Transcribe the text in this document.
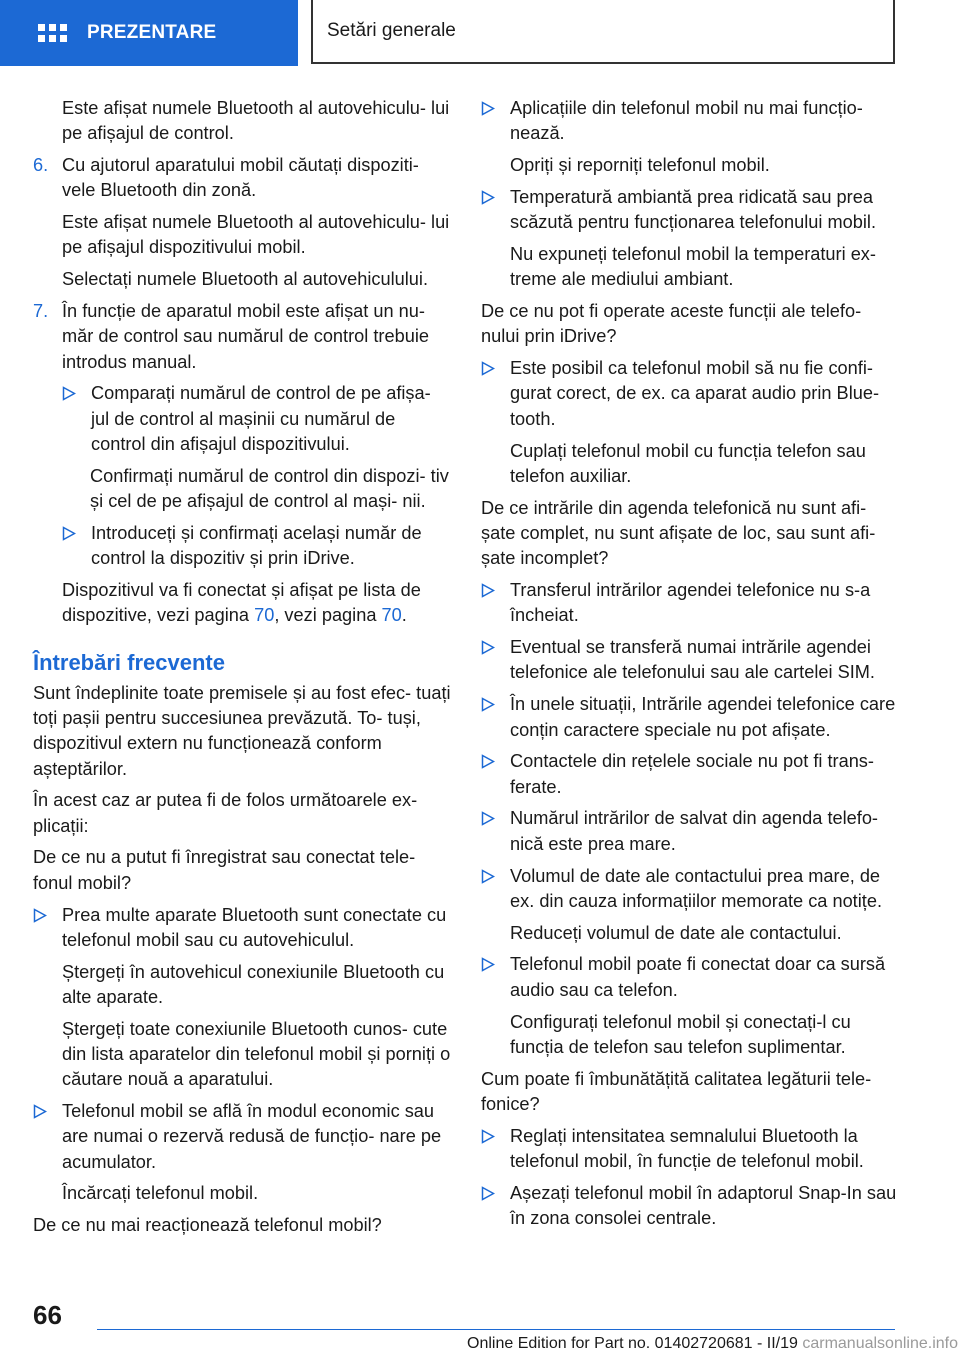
PREZENTARE	Setări generale
Este afișat numele Bluetooth al autovehiculu‐ lui pe afișajul de control.
6. Cu ajutorul aparatului mobil căutați dispoziti‐ vele Bluetooth din zonă.
Este afișat numele Bluetooth al autovehiculu‐ lui pe afișajul dispozitivului mobil.
Selectați numele Bluetooth al autovehiculului.
7. În funcție de aparatul mobil este afișat un nu‐ măr de control sau numărul de control trebuie introdus manual.
Comparați numărul de control de pe afișa‐ jul de control al mașinii cu numărul de control din afișajul dispozitivului.
Confirmați numărul de control din dispozi‐ tiv și cel de pe afișajul de control al mași‐ nii.
Introduceți și confirmați același număr de control la dispozitiv și prin iDrive.
Dispozitivul va fi conectat și afișat pe lista de dispozitive, vezi pagina 70, vezi pagina 70.
Întrebări frecvente
Sunt îndeplinite toate premisele și au fost efec‐ tuați toți pașii pentru succesiunea prevăzută. To‐ tuși, dispozitivul extern nu funcționează conform așteptărilor.
În acest caz ar putea fi de folos următoarele ex‐ plicații:
De ce nu a putut fi înregistrat sau conectat tele‐ fonul mobil?
Prea multe aparate Bluetooth sunt conectate cu telefonul mobil sau cu autovehiculul.
Ștergeți în autovehicul conexiunile Bluetooth cu alte aparate.
Ștergeți toate conexiunile Bluetooth cunos‐ cute din lista aparatelor din telefonul mobil și porniți o căutare nouă a aparatului.
Telefonul mobil se află în modul economic sau are numai o rezervă redusă de funcțio‐ nare pe acumulator.
Încărcați telefonul mobil.
De ce nu mai reacționează telefonul mobil?
Aplicațiile din telefonul mobil nu mai funcțio‐ nează.
Opriți și reporniți telefonul mobil.
Temperatură ambiantă prea ridicată sau prea scăzută pentru funcționarea telefonului mobil.
Nu expuneți telefonul mobil la temperaturi ex‐ treme ale mediului ambiant.
De ce nu pot fi operate aceste funcții ale telefo‐ nului prin iDrive?
Este posibil ca telefonul mobil să nu fie confi‐ gurat corect, de ex. ca aparat audio prin Blue‐ tooth.
Cuplați telefonul mobil cu funcția telefon sau telefon auxiliar.
De ce intrările din agenda telefonică nu sunt afi‐ șate complet, nu sunt afișate de loc, sau sunt afi‐ șate incomplet?
Transferul intrărilor agendei telefonice nu s-a încheiat.
Eventual se transferă numai intrările agendei telefonice ale telefonului sau ale cartelei SIM.
În unele situații, Intrările agendei telefonice care conțin caractere speciale nu pot afișate.
Contactele din rețelele sociale nu pot fi trans‐ ferate.
Numărul intrărilor de salvat din agenda telefo‐ nică este prea mare.
Volumul de date ale contactului prea mare, de ex. din cauza informațiilor memorate ca notițe.
Reduceți volumul de date ale contactului.
Telefonul mobil poate fi conectat doar ca sursă audio sau ca telefon.
Configurați telefonul mobil și conectați-l cu funcția de telefon sau telefon suplimentar.
Cum poate fi îmbunătățită calitatea legăturii tele‐ fonice?
Reglați intensitatea semnalului Bluetooth la telefonul mobil, în funcție de telefonul mobil.
Așezați telefonul mobil în adaptorul Snap-In sau în zona consolei centrale.
66
Online Edition for Part no. 01402720681 - II/19 carmanualsonline.info
